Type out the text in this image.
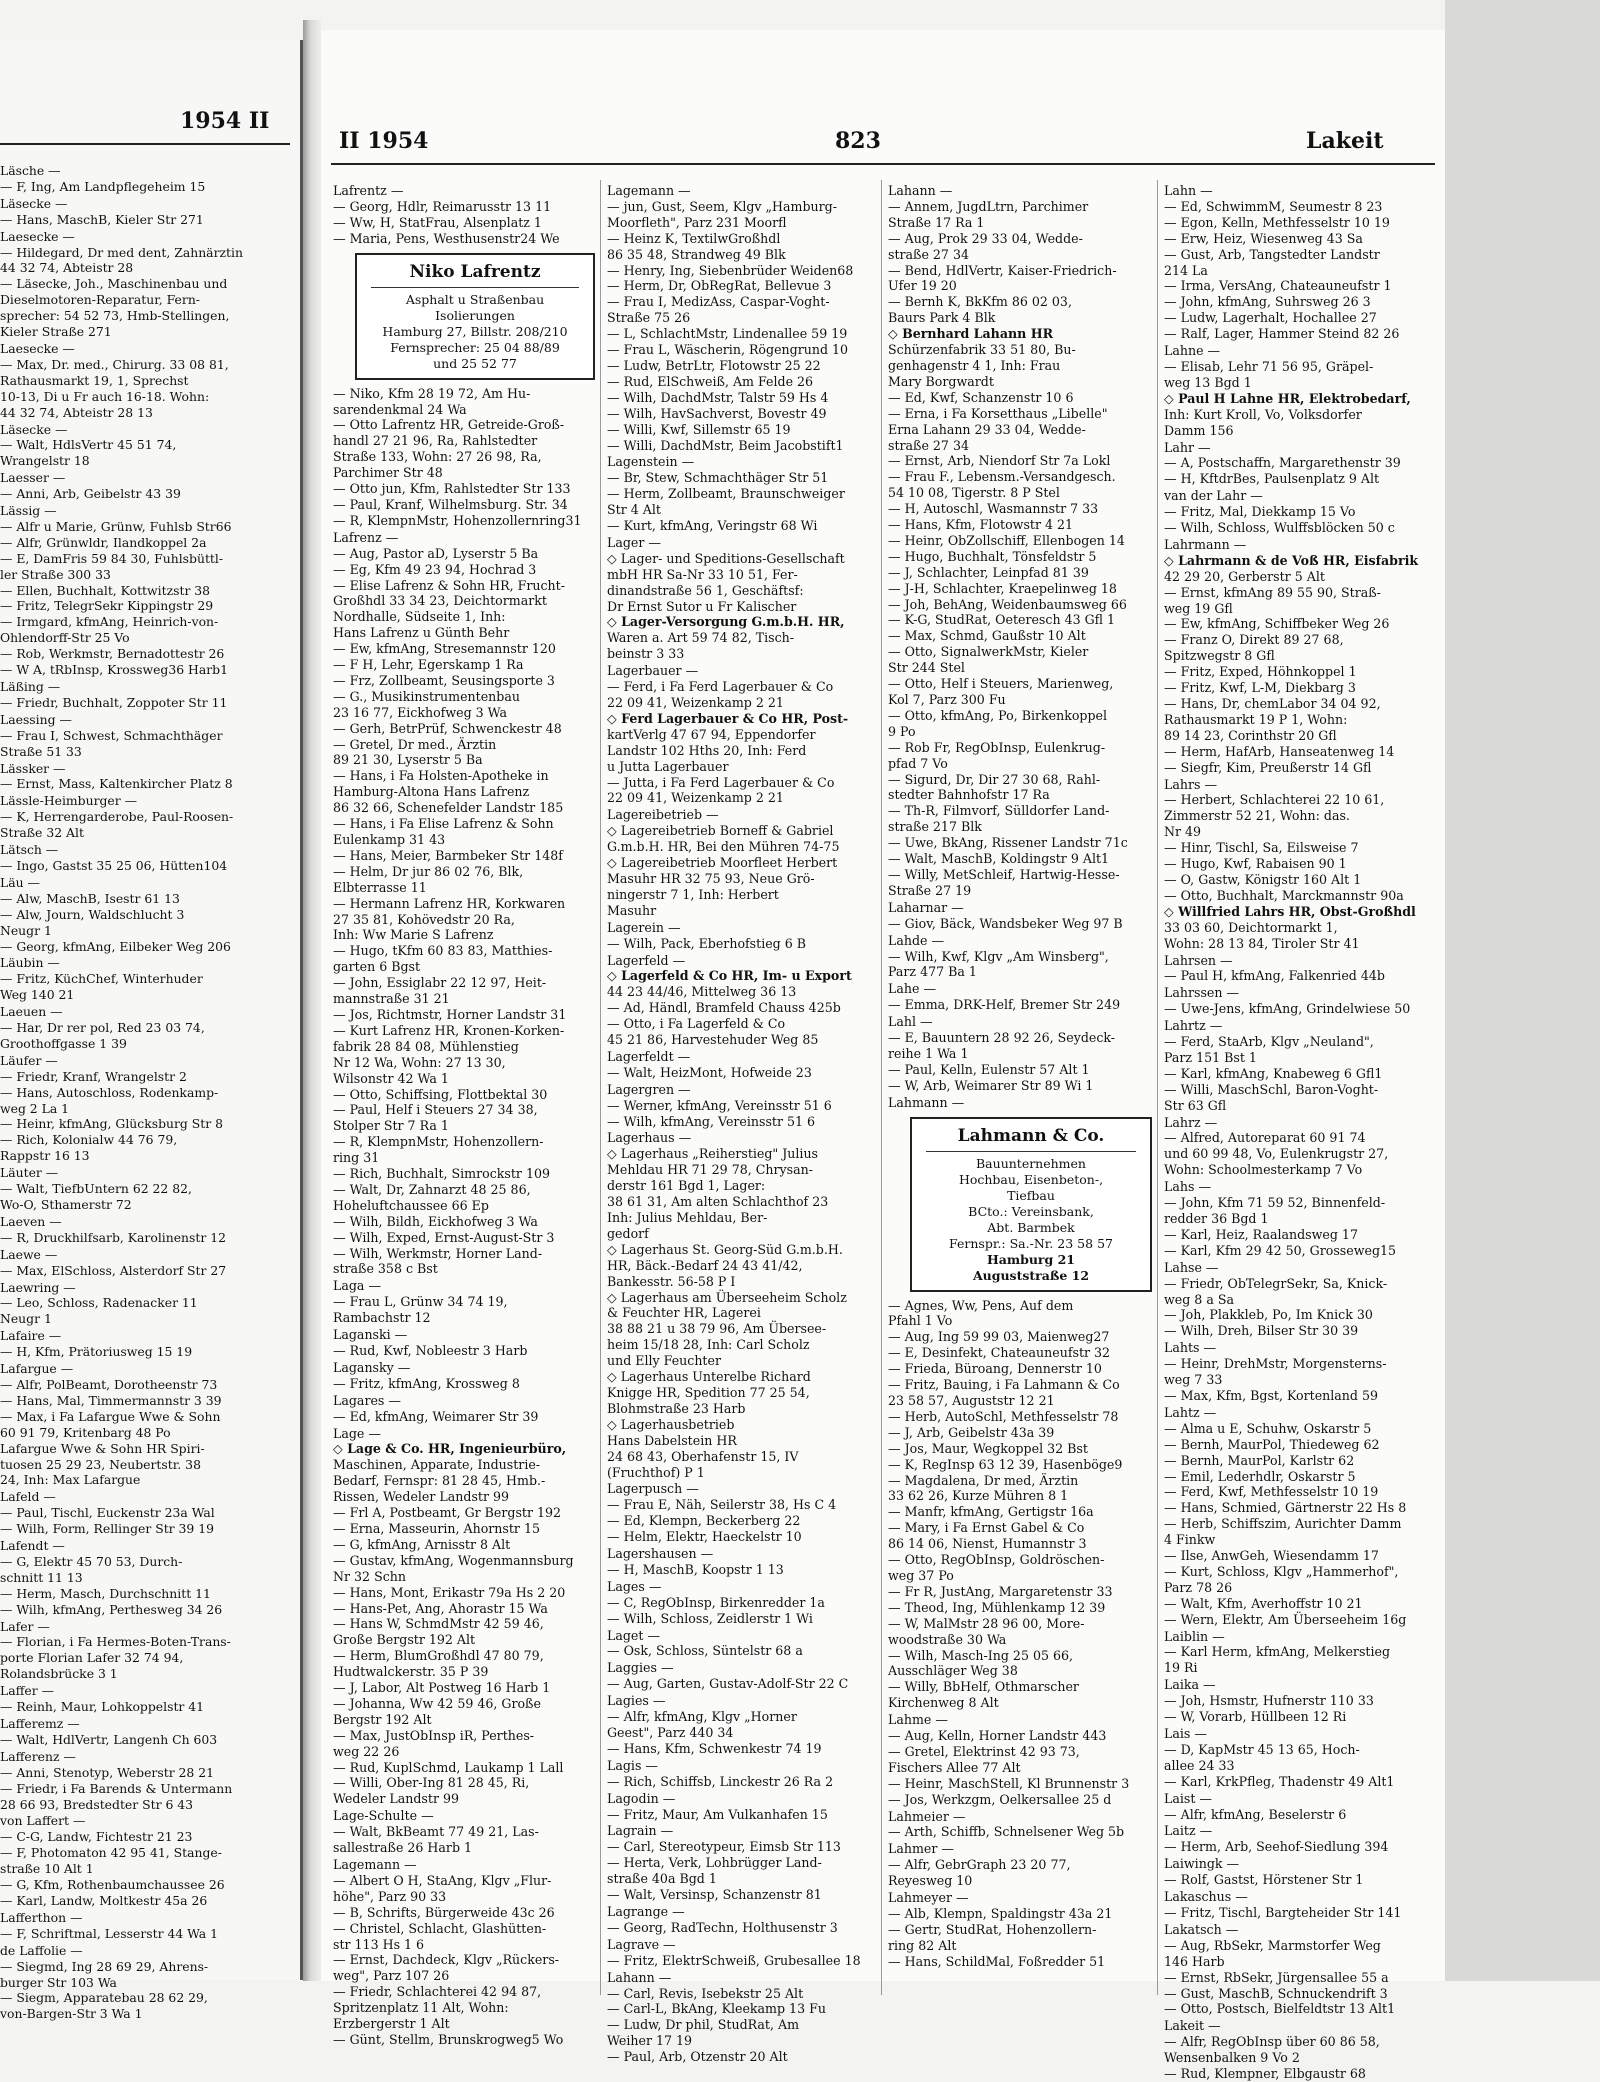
1954 II
Läsche —
— F, Ing, Am Landpflegeheim 15
Läsecke —
— Hans, MaschB, Kieler Str 271
Laesecke —
— Hildegard, Dr med dent, Zahnärztin
44 32 74, Abteistr 28
— Läsecke, Joh., Maschinenbau und
Dieselmotoren-Reparatur, Fern-
sprecher: 54 52 73, Hmb-Stellingen,
Kieler Straße 271
Laesecke —
— Max, Dr. med., Chirurg. 33 08 81,
Rathausmarkt 19, 1, Sprechst
10-13, Di u Fr auch 16-18. Wohn:
44 32 74, Abteistr 28 13
Läsecke —
— Walt, HdlsVertr 45 51 74,
Wrangelstr 18
Laesser —
— Anni, Arb, Geibelstr 43 39
Lässig —
— Alfr u Marie, Grünw, Fuhlsb Str66
— Alfr, Grünwldr, Ilandkoppel 2a
— E, DamFris 59 84 30, Fuhlsbüttl-
ler Straße 300 33
— Ellen, Buchhalt, Kottwitzstr 38
— Fritz, TelegrSekr Kippingstr 29
— Irmgard, kfmAng, Heinrich-von-
Ohlendorff-Str 25 Vo
— Rob, Werkmstr, Bernadottestr 26
— W A, tRbInsp, Krossweg36 Harb1
Läßing —
— Friedr, Buchhalt, Zoppoter Str 11
Laessing —
— Frau I, Schwest, Schmachthäger
Straße 51 33
Lässker —
— Ernst, Mass, Kaltenkircher Platz 8
Lässle-Heimburger —
— K, Herrengarderobe, Paul-Roosen-
Straße 32 Alt
Lätsch —
— Ingo, Gastst 35 25 06, Hütten104
Läu —
— Alw, MaschB, Isestr 61 13
— Alw, Journ, Waldschlucht 3
Neugr 1
— Georg, kfmAng, Eilbeker Weg 206
Läubin —
— Fritz, KüchChef, Winterhuder
Weg 140 21
Laeuen —
— Har, Dr rer pol, Red 23 03 74,
Groothoffgasse 1 39
Läufer —
— Friedr, Kranf, Wrangelstr 2
— Hans, Autoschloss, Rodenkamp-
weg 2 La 1
— Heinr, kfmAng, Glücksburg Str 8
— Rich, Kolonialw 44 76 79,
Rappstr 16 13
Läuter —
— Walt, TiefbUntern 62 22 82,
Wo-O, Sthamerstr 72
Laeven —
— R, Druckhilfsarb, Karolinenstr 12
Laewe —
— Max, ElSchloss, Alsterdorf Str 27
Laewring —
— Leo, Schloss, Radenacker 11
Neugr 1
Lafaire —
— H, Kfm, Prätoriusweg 15 19
Lafargue —
— Alfr, PolBeamt, Dorotheenstr 73
— Hans, Mal, Timmermannstr 3 39
— Max, i Fa Lafargue Wwe & Sohn
60 91 79, Kritenbarg 48 Po
Lafargue Wwe & Sohn HR Spiri-
tuosen 25 29 23, Neubertstr. 38
24, Inh: Max Lafargue
Lafeld —
— Paul, Tischl, Euckenstr 23a Wal
— Wilh, Form, Rellinger Str 39 19
Lafendt —
— G, Elektr 45 70 53, Durch-
schnitt 11 13
— Herm, Masch, Durchschnitt 11
— Wilh, kfmAng, Perthesweg 34 26
Lafer —
— Florian, i Fa Hermes-Boten-Trans-
porte Florian Lafer 32 74 94,
Rolandsbrücke 3 1
Laffer —
— Reinh, Maur, Lohkoppelstr 41
Lafferemz —
— Walt, HdlVertr, Langenh Ch 603
Lafferenz —
— Anni, Stenotyp, Weberstr 28 21
— Friedr, i Fa Barends & Untermann
28 66 93, Bredstedter Str 6 43
von Laffert —
— C-G, Landw, Fichtestr 21 23
— F, Photomaton 42 95 41, Stange-
straße 10 Alt 1
— G, Kfm, Rothenbaumchaussee 26
— Karl, Landw, Moltkestr 45a 26
Lafferthon —
— F, Schriftmal, Lesserstr 44 Wa 1
de Laffolie —
— Siegmd, Ing 28 69 29, Ahrens-
burger Str 103 Wa
— Siegm, Apparatebau 28 62 29,
von-Bargen-Str 3 Wa 1
II 1954	823	Lakeit
Lafrentz —
— Georg, Hdlr, Reimarusstr 13 11
— Ww, H, StatFrau, Alsenplatz 1
— Maria, Pens, Westhusenstr24 We
Niko Lafrentz
Asphalt u Straßenbau
Isolierungen
Hamburg 27, Billstr. 208/210
Fernsprecher: 25 04 88/89
und 25 52 77
— Niko, Kfm 28 19 72, Am Hu-
sarendenkmal 24 Wa
— Otto Lafrentz HR, Getreide-Groß-
handl 27 21 96, Ra, Rahlstedter
Straße 133, Wohn: 27 26 98, Ra,
Parchimer Str 48
— Otto jun, Kfm, Rahlstedter Str 133
— Paul, Kranf, Wilhelmsburg. Str. 34
— R, KlempnMstr, Hohenzollernring31
Lafrenz —
— Aug, Pastor aD, Lyserstr 5 Ba
— Eg, Kfm 49 23 94, Hochrad 3
— Elise Lafrenz & Sohn HR, Frucht-
Großhdl 33 34 23, Deichtormarkt
Nordhalle, Südseite 1, Inh:
Hans Lafrenz u Günth Behr
— Ew, kfmAng, Stresemannstr 120
— F H, Lehr, Egerskamp 1 Ra
— Frz, Zollbeamt, Seusingsporte 3
— G., Musikinstrumentenbau
23 16 77, Eickhofweg 3 Wa
— Gerh, BetrPrüf, Schwenckestr 48
— Gretel, Dr med., Ärztin
89 21 30, Lyserstr 5 Ba
— Hans, i Fa Holsten-Apotheke in
Hamburg-Altona Hans Lafrenz
86 32 66, Schenefelder Landstr 185
— Hans, i Fa Elise Lafrenz & Sohn
Eulenkamp 31 43
— Hans, Meier, Barmbeker Str 148f
— Helm, Dr jur 86 02 76, Blk,
Elbterrasse 11
— Hermann Lafrenz HR, Korkwaren
27 35 81, Kohövedstr 20 Ra,
Inh: Ww Marie S Lafrenz
— Hugo, tKfm 60 83 83, Matthies-
garten 6 Bgst
— John, Essiglabr 22 12 97, Heit-
mannstraße 31 21
— Jos, Richtmstr, Horner Landstr 31
— Kurt Lafrenz HR, Kronen-Korken-
fabrik 28 84 08, Mühlenstieg
Nr 12 Wa, Wohn: 27 13 30,
Wilsonstr 42 Wa 1
— Otto, Schiffsing, Flottbektal 30
— Paul, Helf i Steuers 27 34 38,
Stolper Str 7 Ra 1
— R, KlempnMstr, Hohenzollern-
ring 31
— Rich, Buchhalt, Simrockstr 109
— Walt, Dr, Zahnarzt 48 25 86,
Hoheluftchaussee 66 Ep
— Wilh, Bildh, Eickhofweg 3 Wa
— Wilh, Exped, Ernst-August-Str 3
— Wilh, Werkmstr, Horner Land-
straße 358 c Bst
Laga —
— Frau L, Grünw 34 74 19,
Rambachstr 12
Laganski —
— Rud, Kwf, Nobleestr 3 Harb
Lagansky —
— Fritz, kfmAng, Krossweg 8
Lagares —
— Ed, kfmAng, Weimarer Str 39
Lage —
◇ Lage & Co. HR, Ingenieurbüro,
Maschinen, Apparate, Industrie-
Bedarf, Fernspr: 81 28 45, Hmb.-
Rissen, Wedeler Landstr 99
— Frl A, Postbeamt, Gr Bergstr 192
— Erna, Masseurin, Ahornstr 15
— G, kfmAng, Arnisstr 8 Alt
— Gustav, kfmAng, Wogenmannsburg
Nr 32 Schn
— Hans, Mont, Erikastr 79a Hs 2 20
— Hans-Pet, Ang, Ahorastr 15 Wa
— Hans W, SchmdMstr 42 59 46,
Große Bergstr 192 Alt
— Herm, BlumGroßhdl 47 80 79,
Hudtwalckerstr. 35 P 39
— J, Labor, Alt Postweg 16 Harb 1
— Johanna, Ww 42 59 46, Große
Bergstr 192 Alt
— Max, JustObInsp iR, Perthes-
weg 22 26
— Rud, KuplSchmd, Laukamp 1 Lall
— Willi, Ober-Ing 81 28 45, Ri,
Wedeler Landstr 99
Lage-Schulte —
— Walt, BkBeamt 77 49 21, Las-
sallestraße 26 Harb 1
Lagemann —
— Albert O H, StaAng, Klgv „Flur-
höhe", Parz 90 33
— B, Schrifts, Bürgerweide 43c 26
— Christel, Schlacht, Glashütten-
str 113 Hs 1 6
— Ernst, Dachdeck, Klgv „Rückers-
weg", Parz 107 26
— Friedr, Schlachterei 42 94 87,
Spritzenplatz 11 Alt, Wohn:
Erzbergerstr 1 Alt
— Günt, Stellm, Brunskrogweg5 Wo
Lagemann —
— jun, Gust, Seem, Klgv „Hamburg-
Moorfleth", Parz 231 Moorfl
— Heinz K, TextilwGroßhdl
86 35 48, Strandweg 49 Blk
— Henry, Ing, Siebenbrüder Weiden68
— Herm, Dr, ObRegRat, Bellevue 3
— Frau I, MedizAss, Caspar-Voght-
Straße 75 26
— L, SchlachtMstr, Lindenallee 59 19
— Frau L, Wäscherin, Rögengrund 10
— Ludw, BetrLtr, Flotowstr 25 22
— Rud, ElSchweiß, Am Felde 26
— Wilh, DachdMstr, Talstr 59 Hs 4
— Wilh, HavSachverst, Bovestr 49
— Willi, Kwf, Sillemstr 65 19
— Willi, DachdMstr, Beim Jacobstift1
Lagenstein —
— Br, Stew, Schmachthäger Str 51
— Herm, Zollbeamt, Braunschweiger
Str 4 Alt
— Kurt, kfmAng, Veringstr 68 Wi
Lager —
◇ Lager- und Speditions-Gesellschaft
mbH HR Sa-Nr 33 10 51, Fer-
dinandstraße 56 1, Geschäftsf:
Dr Ernst Sutor u Fr Kalischer
◇ Lager-Versorgung G.m.b.H. HR,
Waren a. Art 59 74 82, Tisch-
beinstr 3 33
Lagerbauer —
— Ferd, i Fa Ferd Lagerbauer & Co
22 09 41, Weizenkamp 2 21
◇ Ferd Lagerbauer & Co HR, Post-
kartVerlg 47 67 94, Eppendorfer
Landstr 102 Hths 20, Inh: Ferd
u Jutta Lagerbauer
— Jutta, i Fa Ferd Lagerbauer & Co
22 09 41, Weizenkamp 2 21
Lagereibetrieb —
◇ Lagereibetrieb Borneff & Gabriel
G.m.b.H. HR, Bei den Mühren 74-75
◇ Lagereibetrieb Moorfleet Herbert
Masuhr HR 32 75 93, Neue Grö-
ningerstr 7 1, Inh: Herbert
Masuhr
Lagerein —
— Wilh, Pack, Eberhofstieg 6 B
Lagerfeld —
◇ Lagerfeld & Co HR, Im- u Export
44 23 44/46, Mittelweg 36 13
— Ad, Händl, Bramfeld Chauss 425b
— Otto, i Fa Lagerfeld & Co
45 21 86, Harvestehuder Weg 85
Lagerfeldt —
— Walt, HeizMont, Hofweide 23
Lagergren —
— Werner, kfmAng, Vereinsstr 51 6
— Wilh, kfmAng, Vereinsstr 51 6
Lagerhaus —
◇ Lagerhaus „Reiherstieg" Julius
Mehldau HR 71 29 78, Chrysan-
derstr 161 Bgd 1, Lager:
38 61 31, Am alten Schlachthof 23
Inh: Julius Mehldau, Ber-
gedorf
◇ Lagerhaus St. Georg-Süd G.m.b.H.
HR, Bäck.-Bedarf 24 43 41/42,
Bankesstr. 56-58 P I
◇ Lagerhaus am Überseeheim Scholz
& Feuchter HR, Lagerei
38 88 21 u 38 79 96, Am Übersee-
heim 15/18 28, Inh: Carl Scholz
und Elly Feuchter
◇ Lagerhaus Unterelbe Richard
Knigge HR, Spedition 77 25 54,
Blohmstraße 23 Harb
◇ Lagerhausbetrieb
Hans Dabelstein HR
24 68 43, Oberhafenstr 15, IV
(Fruchthof) P 1
Lagerpusch —
— Frau E, Näh, Seilerstr 38, Hs C 4
— Ed, Klempn, Beckerberg 22
— Helm, Elektr, Haeckelstr 10
Lagershausen —
— H, MaschB, Koopstr 1 13
Lages —
— C, RegObInsp, Birkenredder 1a
— Wilh, Schloss, Zeidlerstr 1 Wi
Laget —
— Osk, Schloss, Süntelstr 68 a
Laggies —
— Aug, Garten, Gustav-Adolf-Str 22 C
Lagies —
— Alfr, kfmAng, Klgv „Horner
Geest", Parz 440 34
— Hans, Kfm, Schwenkestr 74 19
Lagis —
— Rich, Schiffsb, Linckestr 26 Ra 2
Lagodin —
— Fritz, Maur, Am Vulkanhafen 15
Lagrain —
— Carl, Stereotypeur, Eimsb Str 113
— Herta, Verk, Lohbrügger Land-
straße 40a Bgd 1
— Walt, Versinsp, Schanzenstr 81
Lagrange —
— Georg, RadTechn, Holthusenstr 3
Lagrave —
— Fritz, ElektrSchweiß, Grubesallee 18
Lahann —
— Carl, Revis, Isebekstr 25 Alt
— Carl-L, BkAng, Kleekamp 13 Fu
— Ludw, Dr phil, StudRat, Am
Weiher 17 19
— Paul, Arb, Otzenstr 20 Alt
Lahann —
— Annem, JugdLtrn, Parchimer
Straße 17 Ra 1
— Aug, Prok 29 33 04, Wedde-
straße 27 34
— Bend, HdlVertr, Kaiser-Friedrich-
Ufer 19 20
— Bernh K, BkKfm 86 02 03,
Baurs Park 4 Blk
◇ Bernhard Lahann HR
Schürzenfabrik 33 51 80, Bu-
genhagenstr 4 1, Inh: Frau
Mary Borgwardt
— Ed, Kwf, Schanzenstr 10 6
— Erna, i Fa Korsetthaus „Libelle"
Erna Lahann 29 33 04, Wedde-
straße 27 34
— Ernst, Arb, Niendorf Str 7a Lokl
— Frau F., Lebensm.-Versandgesch.
54 10 08, Tigerstr. 8 P Stel
— H, Autoschl, Wasmannstr 7 33
— Hans, Kfm, Flotowstr 4 21
— Heinr, ObZollschiff, Ellenbogen 14
— Hugo, Buchhalt, Tönsfeldstr 5
— J, Schlachter, Leinpfad 81 39
— J-H, Schlachter, Kraepelinweg 18
— Joh, BehAng, Weidenbaumsweg 66
— K-G, StudRat, Oeteresch 43 Gfl 1
— Max, Schmd, Gaußstr 10 Alt
— Otto, SignalwerkMstr, Kieler
Str 244 Stel
— Otto, Helf i Steuers, Marienweg,
Kol 7, Parz 300 Fu
— Otto, kfmAng, Po, Birkenkoppel
9 Po
— Rob Fr, RegObInsp, Eulenkrug-
pfad 7 Vo
— Sigurd, Dr, Dir 27 30 68, Rahl-
stedter Bahnhofstr 17 Ra
— Th-R, Filmvorf, Sülldorfer Land-
straße 217 Blk
— Uwe, BkAng, Rissener Landstr 71c
— Walt, MaschB, Koldingstr 9 Alt1
— Willy, MetSchleif, Hartwig-Hesse-
Straße 27 19
Laharnar —
— Giov, Bäck, Wandsbeker Weg 97 B
Lahde —
— Wilh, Kwf, Klgv „Am Winsberg",
Parz 477 Ba 1
Lahe —
— Emma, DRK-Helf, Bremer Str 249
Lahl —
— E, Bauuntern 28 92 26, Seydeck-
reihe 1 Wa 1
— Paul, Kelln, Eulenstr 57 Alt 1
— W, Arb, Weimarer Str 89 Wi 1
Lahmann —
Lahmann & Co.
Bauunternehmen
Hochbau, Eisenbeton-,
Tiefbau
BCto.: Vereinsbank,
Abt. Barmbek
Fernspr.: Sa.-Nr. 23 58 57
Hamburg 21
Auguststraße 12
— Agnes, Ww, Pens, Auf dem
Pfahl 1 Vo
— Aug, Ing 59 99 03, Maienweg27
— E, Desinfekt, Chateauneufstr 32
— Frieda, Büroang, Dennerstr 10
— Fritz, Bauing, i Fa Lahmann & Co
23 58 57, Auguststr 12 21
— Herb, AutoSchl, Methfesselstr 78
— J, Arb, Geibelstr 43a 39
— Jos, Maur, Wegkoppel 32 Bst
— K, RegInsp 63 12 39, Hasenböge9
— Magdalena, Dr med, Ärztin
33 62 26, Kurze Mühren 8 1
— Manfr, kfmAng, Gertigstr 16a
— Mary, i Fa Ernst Gabel & Co
86 14 06, Nienst, Humannstr 3
— Otto, RegObInsp, Goldröschen-
weg 37 Po
— Fr R, JustAng, Margaretenstr 33
— Theod, Ing, Mühlenkamp 12 39
— W, MalMstr 28 96 00, More-
woodstraße 30 Wa
— Wilh, Masch-Ing 25 05 66,
Ausschläger Weg 38
— Willy, BbHelf, Othmarscher
Kirchenweg 8 Alt
Lahme —
— Aug, Kelln, Horner Landstr 443
— Gretel, Elektrinst 42 93 73,
Fischers Allee 77 Alt
— Heinr, MaschStell, Kl Brunnenstr 3
— Jos, Werkzgm, Oelkersallee 25 d
Lahmeier —
— Arth, Schiffb, Schnelsener Weg 5b
Lahmer —
— Alfr, GebrGraph 23 20 77,
Reyesweg 10
Lahmeyer —
— Alb, Klempn, Spaldingstr 43a 21
— Gertr, StudRat, Hohenzollern-
ring 82 Alt
— Hans, SchildMal, Foßredder 51
Lahn —
— Ed, SchwimmM, Seumestr 8 23
— Egon, Kelln, Methfesselstr 10 19
— Erw, Heiz, Wiesenweg 43 Sa
— Gust, Arb, Tangstedter Landstr
214 La
— Irma, VersAng, Chateauneufstr 1
— John, kfmAng, Suhrsweg 26 3
— Ludw, Lagerhalt, Hochallee 27
— Ralf, Lager, Hammer Steind 82 26
Lahne —
— Elisab, Lehr 71 56 95, Gräpel-
weg 13 Bgd 1
◇ Paul H Lahne HR, Elektrobedarf,
Inh: Kurt Kroll, Vo, Volksdorfer
Damm 156
Lahr —
— A, Postschaffn, Margarethenstr 39
— H, KftdrBes, Paulsenplatz 9 Alt
van der Lahr —
— Fritz, Mal, Diekkamp 15 Vo
— Wilh, Schloss, Wulffsblöcken 50 c
Lahrmann —
◇ Lahrmann & de Voß HR, Eisfabrik
42 29 20, Gerberstr 5 Alt
— Ernst, kfmAng 89 55 90, Straß-
weg 19 Gfl
— Ew, kfmAng, Schiffbeker Weg 26
— Franz O, Direkt 89 27 68,
Spitzwegstr 8 Gfl
— Fritz, Exped, Höhnkoppel 1
— Fritz, Kwf, L-M, Diekbarg 3
— Hans, Dr, chemLabor 34 04 92,
Rathausmarkt 19 P 1, Wohn:
89 14 23, Corinthstr 20 Gfl
— Herm, HafArb, Hanseatenweg 14
— Siegfr, Kim, Preußerstr 14 Gfl
Lahrs —
— Herbert, Schlachterei 22 10 61,
Zimmerstr 52 21, Wohn: das.
Nr 49
— Hinr, Tischl, Sa, Eilsweise 7
— Hugo, Kwf, Rabaisen 90 1
— O, Gastw, Königstr 160 Alt 1
— Otto, Buchhalt, Marckmannstr 90a
◇ Willfried Lahrs HR, Obst-Großhdl
33 03 60, Deichtormarkt 1,
Wohn: 28 13 84, Tiroler Str 41
Lahrsen —
— Paul H, kfmAng, Falkenried 44b
Lahrssen —
— Uwe-Jens, kfmAng, Grindelwiese 50
Lahrtz —
— Ferd, StaArb, Klgv „Neuland",
Parz 151 Bst 1
— Karl, kfmAng, Knabeweg 6 Gfl1
— Willi, MaschSchl, Baron-Voght-
Str 63 Gfl
Lahrz —
— Alfred, Autoreparat 60 91 74
und 60 99 48, Vo, Eulenkrugstr 27,
Wohn: Schoolmesterkamp 7 Vo
Lahs —
— John, Kfm 71 59 52, Binnenfeld-
redder 36 Bgd 1
— Karl, Heiz, Raalandsweg 17
— Karl, Kfm 29 42 50, Grosseweg15
Lahse —
— Friedr, ObTelegrSekr, Sa, Knick-
weg 8 a Sa
— Joh, Plakklеb, Po, Im Knick 30
— Wilh, Dreh, Bilser Str 30 39
Lahts —
— Heinr, DrehMstr, Morgensterns-
weg 7 33
— Max, Kfm, Bgst, Kortenland 59
Lahtz —
— Alma u E, Schuhw, Oskarstr 5
— Bernh, MaurPol, Thiedeweg 62
— Bernh, MaurPol, Karlstr 62
— Emil, Lederhdlr, Oskarstr 5
— Ferd, Kwf, Methfesselstr 10 19
— Hans, Schmied, Gärtnerstr 22 Hs 8
— Herb, Schiffszim, Aurichter Damm
4 Finkw
— Ilse, AnwGeh, Wiesendamm 17
— Kurt, Schloss, Klgv „Hammerhof",
Parz 78 26
— Walt, Kfm, Averhoffstr 10 21
— Wern, Elektr, Am Überseeheim 16g
Laiblin —
— Karl Herm, kfmAng, Melkerstieg
19 Ri
Laika —
— Joh, Hsmstr, Hufnerstr 110 33
— W, Vorarb, Hüllbeen 12 Ri
Lais —
— D, KapMstr 45 13 65, Hoch-
allee 24 33
— Karl, KrkPfleg, Thadenstr 49 Alt1
Laist —
— Alfr, kfmAng, Beselerstr 6
Laitz —
— Herm, Arb, Seehof-Siedlung 394
Laiwingk —
— Rolf, Gastst, Hörstener Str 1
Lakaschus —
— Fritz, Tischl, Bargteheider Str 141
Lakatsch —
— Aug, RbSekr, Marmstorfer Weg
146 Harb
— Ernst, RbSekr, Jürgensallee 55 a
— Gust, MaschB, Schnuckendrift 3
— Otto, Postsch, Bielfeldtstr 13 Alt1
Lakeit —
— Alfr, RegObInsp über 60 86 58,
Wensenbalken 9 Vo 2
— Rud, Klempner, Elbgaustr 68
